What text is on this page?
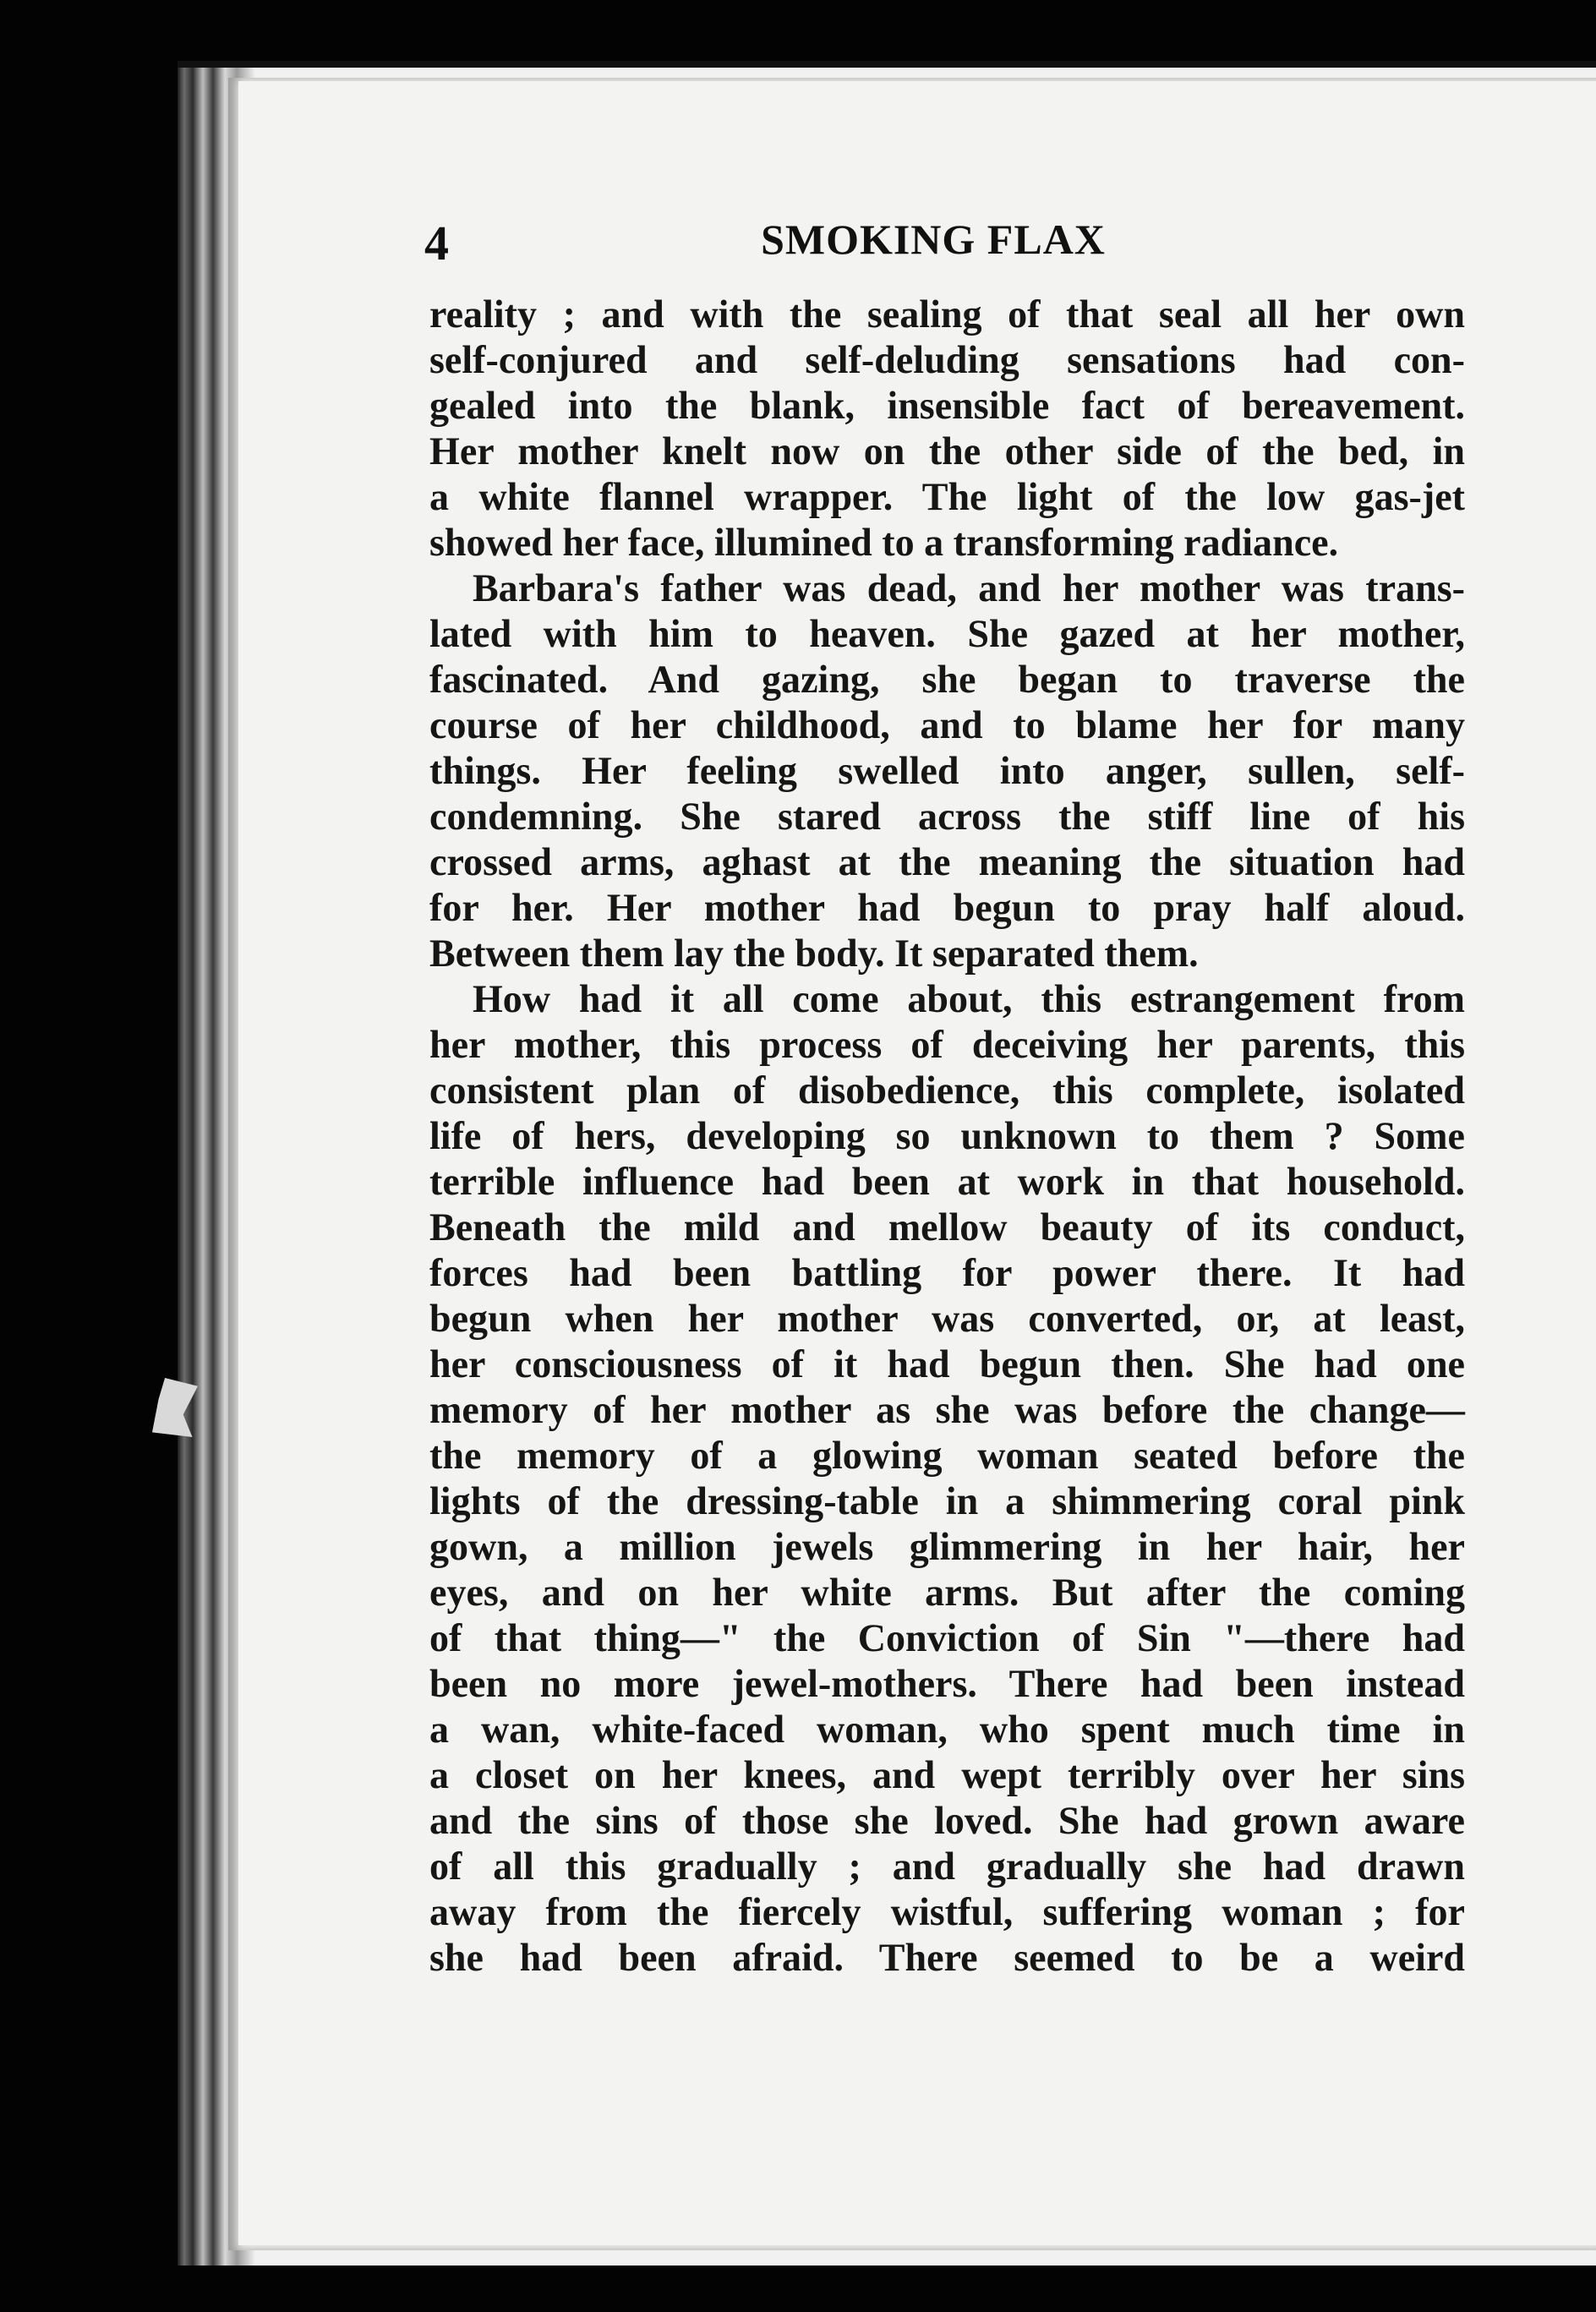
4	SMOKING FLAX
reality ; and with the sealing of that seal all her own
self-conjured and self-deluding sensations had con-
gealed into the blank, insensible fact of bereavement.
Her mother knelt now on the other side of the bed, in
a white flannel wrapper. The light of the low gas-jet
showed her face, illumined to a transforming radiance.
Barbara's father was dead, and her mother was trans-
lated with him to heaven. She gazed at her mother,
fascinated. And gazing, she began to traverse the
course of her childhood, and to blame her for many
things. Her feeling swelled into anger, sullen, self-
condemning. She stared across the stiff line of his
crossed arms, aghast at the meaning the situation had
for her. Her mother had begun to pray half aloud.
Between them lay the body. It separated them.
How had it all come about, this estrangement from
her mother, this process of deceiving her parents, this
consistent plan of disobedience, this complete, isolated
life of hers, developing so unknown to them ? Some
terrible influence had been at work in that household.
Beneath the mild and mellow beauty of its conduct,
forces had been battling for power there. It had
begun when her mother was converted, or, at least,
her consciousness of it had begun then. She had one
memory of her mother as she was before the change—
the memory of a glowing woman seated before the
lights of the dressing-table in a shimmering coral pink
gown, a million jewels glimmering in her hair, her
eyes, and on her white arms. But after the coming
of that thing—" the Conviction of Sin "—there had
been no more jewel-mothers. There had been instead
a wan, white-faced woman, who spent much time in
a closet on her knees, and wept terribly over her sins
and the sins of those she loved. She had grown aware
of all this gradually ; and gradually she had drawn
away from the fiercely wistful, suffering woman ; for
she had been afraid. There seemed to be a weird
